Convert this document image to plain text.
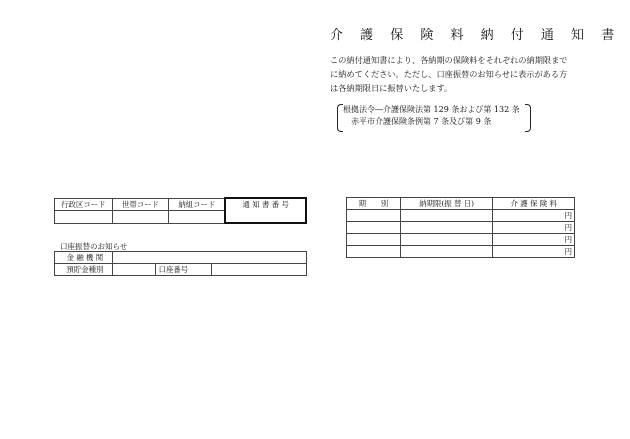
介 護 保 険 料 納 付 通 知 書
この納付通知書により、各納期の保険料をそれぞれの納期限まで
に納めてください。ただし、口座振替のお知らせに表示がある方
は各納期限日に振替いたします。
根拠法令―介護保険法第 129 条および第 132 条
赤平市介護保険条例第 7 条及び第 9 条
行政区コード	世帯コード	納組コード	通 知 書 番 号

口座振替のお知らせ
金 融 機 関			
預貯金種別		口座番号	
期　　別	納期限(振 替 日)	介 護 保 険 料
		円
		円
		円
		円
